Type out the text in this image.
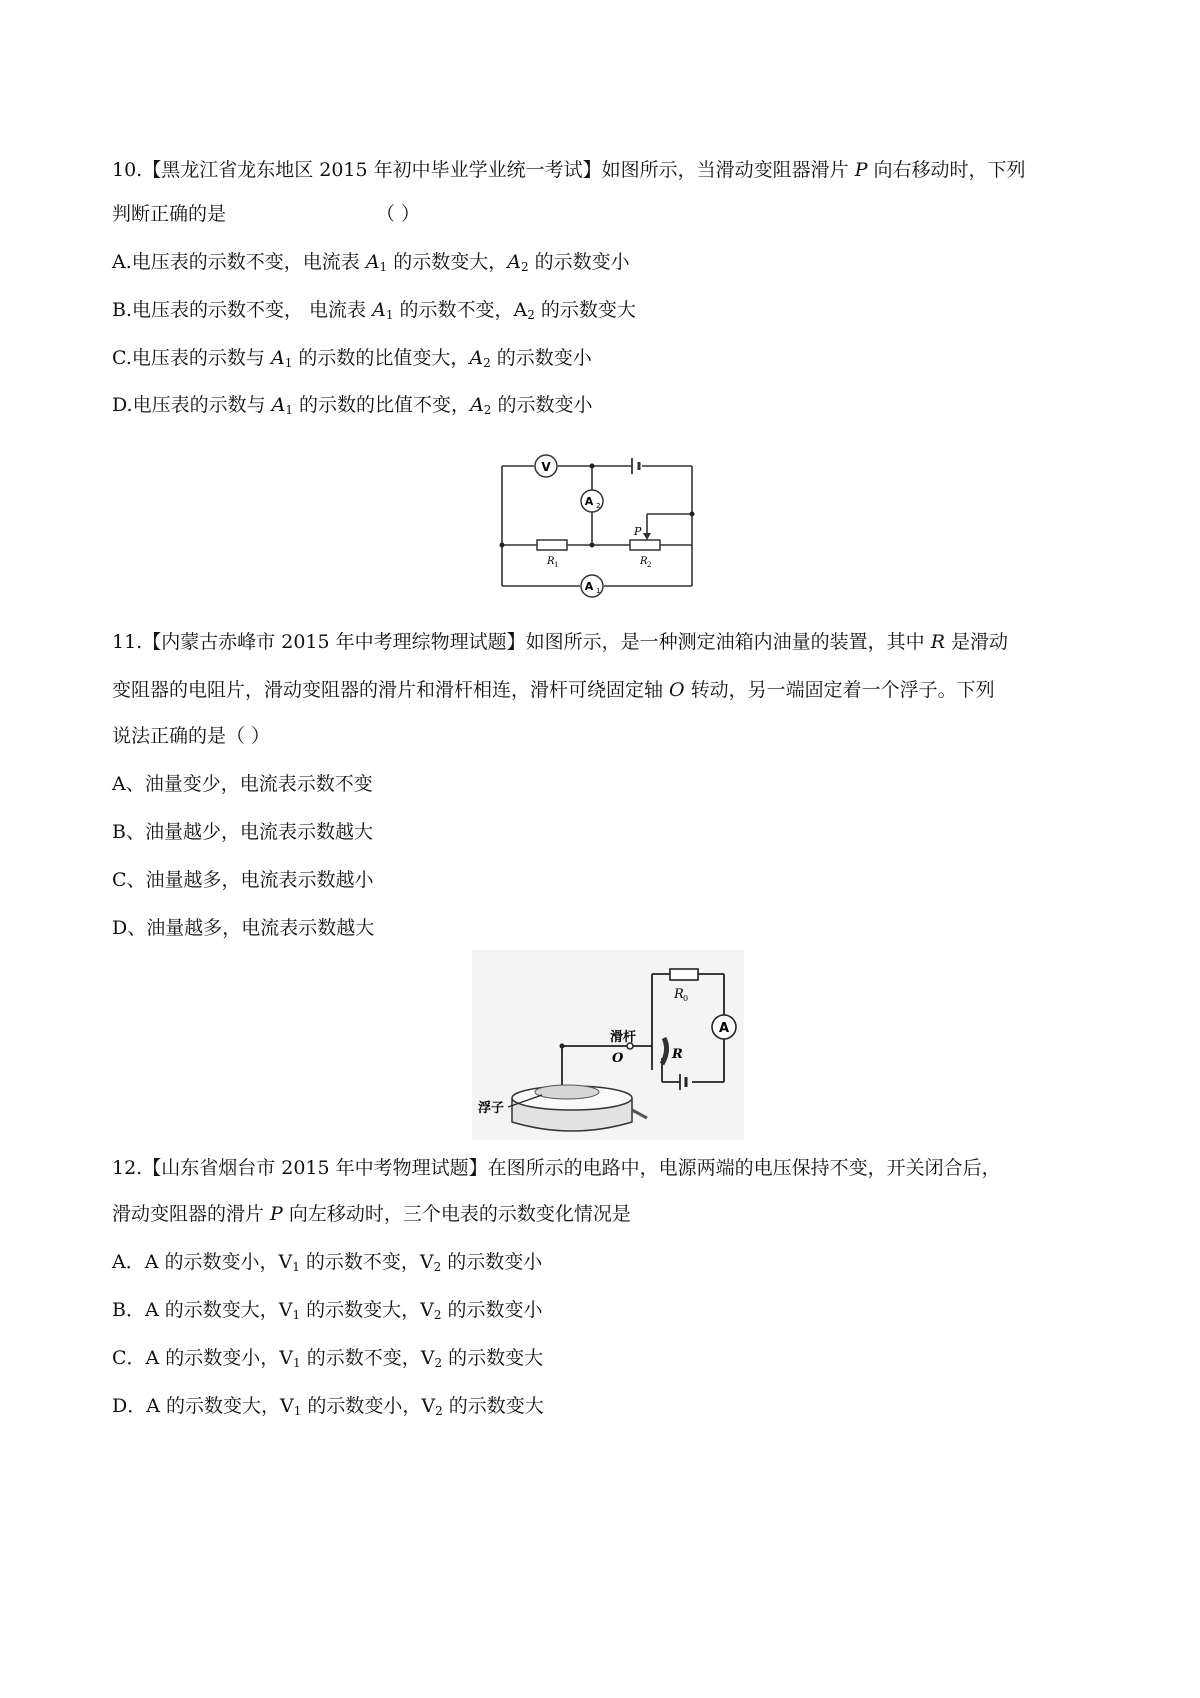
10.【黑龙江省龙东地区 2015 年初中毕业学业统一考试】如图所示，当滑动变阻器滑片 P 向右移动时，下列
判断正确的是	（ ）
A.电压表的示数不变，电流表 $A_1$ 的示数变大，$A_2$ 的示数变小
B.电压表的示数不变， 电流表 $A_1$ 的示数不变，$A_2$ 的示数变大
C.电压表的示数与 $A_1$ 的示数的比值变大，$A_2$ 的示数变小
D.电压表的示数与 $A_1$ 的示数的比值不变，$A_2$ 的示数变小
V
A 2
A 1
P
R 1	R 2
11.【内蒙古赤峰市 2015 年中考理综物理试题】如图所示，是一种测定油箱内油量的装置，其中 R 是滑动
变阻器的电阻片，滑动变阻器的滑片和滑杆相连，滑杆可绕固定轴 O 转动，另一端固定着一个浮子。下列
说法正确的是（ ）
A、油量变少，电流表示数不变
B、油量越少，电流表示数越大
C、油量越多，电流表示数越小
D、油量越多，电流表示数越大
A
R 0
滑杆
O	R
浮子
12.【山东省烟台市 2015 年中考物理试题】在图所示的电路中，电源两端的电压保持不变，开关闭合后，
滑动变阻器的滑片 P 向左移动时，三个电表的示数变化情况是
A．A 的示数变小，$V_1$ 的示数不变，$V_2$ 的示数变小
B．A 的示数变大，$V_1$ 的示数变大，$V_2$ 的示数变小
C．A 的示数变小，$V_1$ 的示数不变，$V_2$ 的示数变大
D．A 的示数变大，$V_1$ 的示数变小，$V_2$ 的示数变大
